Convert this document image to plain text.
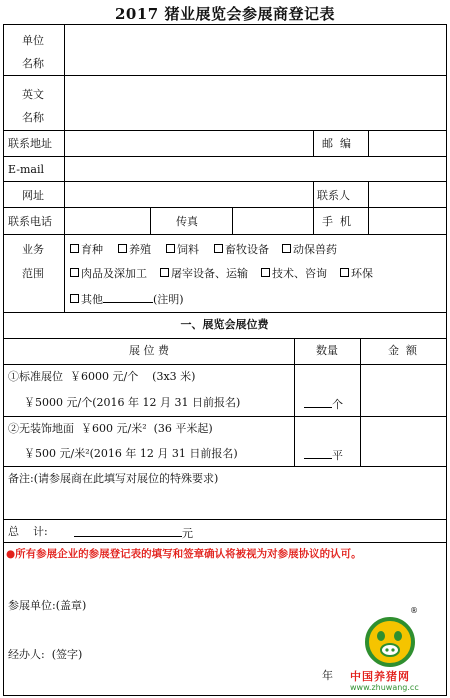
2017 猪业展览会参展商登记表
单位
名称
英文
名称
联系地址	邮  编
E-mail
网址	联系人
联系电话	传真	手  机
业务
范围
育种 养殖 饲料 畜牧设备 动保兽药
肉品及深加工 屠宰设备、运输 技术、咨询 环保
其他	(注明)
一、展览会展位费
展 位 费	数量	金  额
①标准展位  ￥6000 元/个    (3x3 米)
￥5000 元/个(2016 年 12 月 31 日前报名)	个
②无装饰地面  ￥600 元/米²  (36 平米起)
￥500 元/米²(2016 年 12 月 31 日前报名)	平
备注:(请参展商在此填写对展位的特殊要求)
总    计:	元
●所有参展企业的参展登记表的填写和签章确认将被视为对参展协议的认可。
参展单位:(盖章)
经办人:  (签字)
年
®
中国养猪网
www.zhuwang.cc
